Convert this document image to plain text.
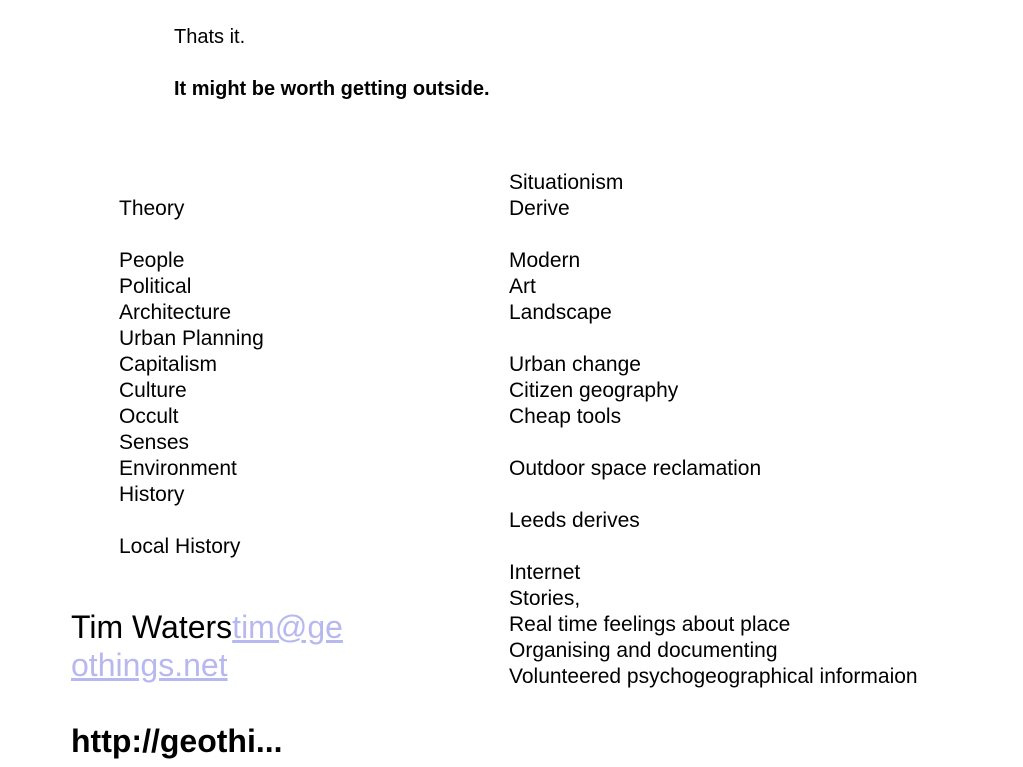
Thats it.
It might be worth getting outside.
Theory
People
Political
Architecture
Urban Planning
Capitalism
Culture
Occult
Senses
Environment
History
Local History
Situationism
Derive
Modern
Art
Landscape
Urban change
Citizen geography
Cheap tools
Outdoor space reclamation
Leeds derives
Internet
Stories,
Real time feelings about place
Organising and documenting
Volunteered psychogeographical informaion
Tim Waterstim@geothings.net
http://geothi...
